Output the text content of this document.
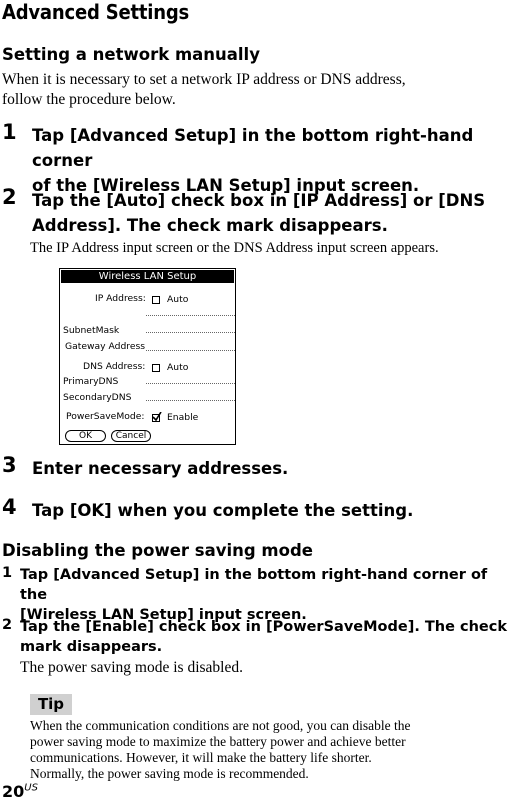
Advanced Settings
Setting a network manually
When it is necessary to set a network IP address or DNS address,
follow the procedure below.
1 Tap [Advanced Setup] in the bottom right-hand corner
of the [Wireless LAN Setup] input screen.
2 Tap the [Auto] check box in [IP Address] or [DNS
Address]. The check mark disappears.
The IP Address input screen or the DNS Address input screen appears.
Wireless LAN Setup
IP Address: Auto
SubnetMask
Gateway Address
DNS Address: Auto
PrimaryDNS
SecondaryDNS
PowerSaveMode: Enable
OK	Cancel
3 Enter necessary addresses.
4 Tap [OK] when you complete the setting.
Disabling the power saving mode
1 Tap [Advanced Setup] in the bottom right-hand corner of the
[Wireless LAN Setup] input screen.
2 Tap the [Enable] check box in [PowerSaveMode]. The check
mark disappears.
The power saving mode is disabled.
Tip
When the communication conditions are not good, you can disable the
power saving mode to maximize the battery power and achieve better
communications. However, it will make the battery life shorter.
Normally, the power saving mode is recommended.
$20^{US}$
